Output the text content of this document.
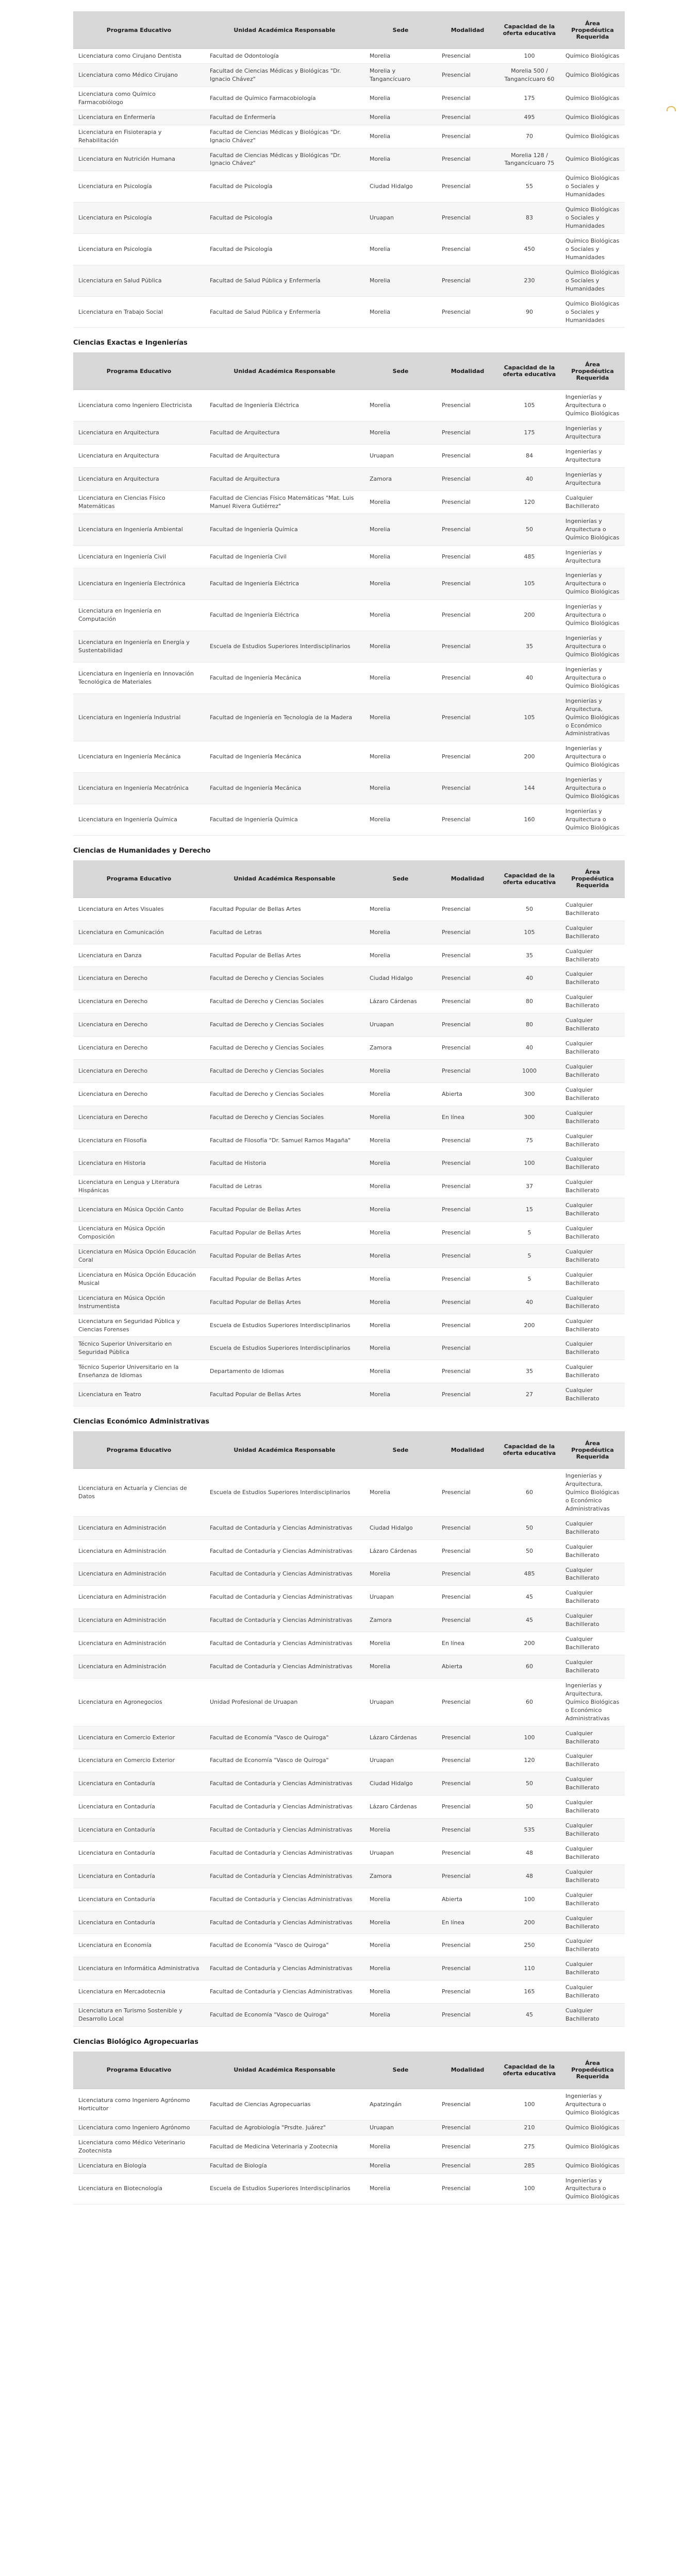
Programa Educativo	Unidad Académica Responsable	Sede	Modalidad	Capacidad de la oferta educativa	Área Propedéutica Requerida
Licenciatura como Cirujano Dentista	Facultad de Odontología	Morelia	Presencial	100	Químico Biológicas
Licenciatura como Médico Cirujano	Facultad de Ciencias Médicas y Biológicas "Dr. Ignacio Chávez"	Morelia y Tangancícuaro	Presencial	Morelia 500 / Tangancícuaro 60	Químico Biológicas
Licenciatura como Químico Farmacobiólogo	Facultad de Químico Farmacobiología	Morelia	Presencial	175	Químico Biológicas
Licenciatura en Enfermería	Facultad de Enfermería	Morelia	Presencial	495	Químico Biológicas
Licenciatura en Fisioterapia y Rehabilitación	Facultad de Ciencias Médicas y Biológicas "Dr. Ignacio Chávez"	Morelia	Presencial	70	Químico Biológicas
Licenciatura en Nutrición Humana	Facultad de Ciencias Médicas y Biológicas "Dr. Ignacio Chávez"	Morelia	Presencial	Morelia 128 / Tangancícuaro 75	Químico Biológicas
Licenciatura en Psicología	Facultad de Psicología	Ciudad Hidalgo	Presencial	55	Químico Biológicas o Sociales y Humanidades
Licenciatura en Psicología	Facultad de Psicología	Uruapan	Presencial	83	Químico Biológicas o Sociales y Humanidades
Licenciatura en Psicología	Facultad de Psicología	Morelia	Presencial	450	Químico Biológicas o Sociales y Humanidades
Licenciatura en Salud Pública	Facultad de Salud Pública y Enfermería	Morelia	Presencial	230	Químico Biológicas o Sociales y Humanidades
Licenciatura en Trabajo Social	Facultad de Salud Pública y Enfermería	Morelia	Presencial	90	Químico Biológicas o Sociales y Humanidades
Ciencias Exactas e Ingenierías
Programa Educativo	Unidad Académica Responsable	Sede	Modalidad	Capacidad de la oferta educativa	Área Propedéutica Requerida
Licenciatura como Ingeniero Electricista	Facultad de Ingeniería Eléctrica	Morelia	Presencial	105	Ingenierías y Arquitectura o Químico Biológicas
Licenciatura en Arquitectura	Facultad de Arquitectura	Morelia	Presencial	175	Ingenierías y Arquitectura
Licenciatura en Arquitectura	Facultad de Arquitectura	Uruapan	Presencial	84	Ingenierías y Arquitectura
Licenciatura en Arquitectura	Facultad de Arquitectura	Zamora	Presencial	40	Ingenierías y Arquitectura
Licenciatura en Ciencias Físico Matemáticas	Facultad de Ciencias Físico Matemáticas "Mat. Luis Manuel Rivera Gutiérrez"	Morelia	Presencial	120	Cualquier Bachillerato
Licenciatura en Ingeniería Ambiental	Facultad de Ingeniería Química	Morelia	Presencial	50	Ingenierías y Arquitectura o Químico Biológicas
Licenciatura en Ingeniería Civil	Facultad de Ingeniería Civil	Morelia	Presencial	485	Ingenierías y Arquitectura
Licenciatura en Ingeniería Electrónica	Facultad de Ingeniería Eléctrica	Morelia	Presencial	105	Ingenierías y Arquitectura o Químico Biológicas
Licenciatura en Ingeniería en Computación	Facultad de Ingeniería Eléctrica	Morelia	Presencial	200	Ingenierías y Arquitectura o Químico Biológicas
Licenciatura en Ingeniería en Energía y Sustentabilidad	Escuela de Estudios Superiores Interdisciplinarios	Morelia	Presencial	35	Ingenierías y Arquitectura o Químico Biológicas
Licenciatura en Ingeniería en Innovación Tecnológica de Materiales	Facultad de Ingeniería Mecánica	Morelia	Presencial	40	Ingenierías y Arquitectura o Químico Biológicas
Licenciatura en Ingeniería Industrial	Facultad de Ingeniería en Tecnología de la Madera	Morelia	Presencial	105	Ingenierías y Arquitectura, Químico Biológicas o Económico Administrativas
Licenciatura en Ingeniería Mecánica	Facultad de Ingeniería Mecánica	Morelia	Presencial	200	Ingenierías y Arquitectura o Químico Biológicas
Licenciatura en Ingeniería Mecatrónica	Facultad de Ingeniería Mecánica	Morelia	Presencial	144	Ingenierías y Arquitectura o Químico Biológicas
Licenciatura en Ingeniería Química	Facultad de Ingeniería Química	Morelia	Presencial	160	Ingenierías y Arquitectura o Químico Biológicas
Ciencias de Humanidades y Derecho
Programa Educativo	Unidad Académica Responsable	Sede	Modalidad	Capacidad de la oferta educativa	Área Propedéutica Requerida
Licenciatura en Artes Visuales	Facultad Popular de Bellas Artes	Morelia	Presencial	50	Cualquier Bachillerato
Licenciatura en Comunicación	Facultad de Letras	Morelia	Presencial	105	Cualquier Bachillerato
Licenciatura en Danza	Facultad Popular de Bellas Artes	Morelia	Presencial	35	Cualquier Bachillerato
Licenciatura en Derecho	Facultad de Derecho y Ciencias Sociales	Ciudad Hidalgo	Presencial	40	Cualquier Bachillerato
Licenciatura en Derecho	Facultad de Derecho y Ciencias Sociales	Lázaro Cárdenas	Presencial	80	Cualquier Bachillerato
Licenciatura en Derecho	Facultad de Derecho y Ciencias Sociales	Uruapan	Presencial	80	Cualquier Bachillerato
Licenciatura en Derecho	Facultad de Derecho y Ciencias Sociales	Zamora	Presencial	40	Cualquier Bachillerato
Licenciatura en Derecho	Facultad de Derecho y Ciencias Sociales	Morelia	Presencial	1000	Cualquier Bachillerato
Licenciatura en Derecho	Facultad de Derecho y Ciencias Sociales	Morelia	Abierta	300	Cualquier Bachillerato
Licenciatura en Derecho	Facultad de Derecho y Ciencias Sociales	Morelia	En línea	300	Cualquier Bachillerato
Licenciatura en Filosofía	Facultad de Filosofía "Dr. Samuel Ramos Magaña"	Morelia	Presencial	75	Cualquier Bachillerato
Licenciatura en Historia	Facultad de Historia	Morelia	Presencial	100	Cualquier Bachillerato
Licenciatura en Lengua y Literatura Hispánicas	Facultad de Letras	Morelia	Presencial	37	Cualquier Bachillerato
Licenciatura en Música Opción Canto	Facultad Popular de Bellas Artes	Morelia	Presencial	15	Cualquier Bachillerato
Licenciatura en Música Opción Composición	Facultad Popular de Bellas Artes	Morelia	Presencial	5	Cualquier Bachillerato
Licenciatura en Música Opción Educación Coral	Facultad Popular de Bellas Artes	Morelia	Presencial	5	Cualquier Bachillerato
Licenciatura en Música Opción Educación Musical	Facultad Popular de Bellas Artes	Morelia	Presencial	5	Cualquier Bachillerato
Licenciatura en Música Opción Instrumentista	Facultad Popular de Bellas Artes	Morelia	Presencial	40	Cualquier Bachillerato
Licenciatura en Seguridad Pública y Ciencias Forenses	Escuela de Estudios Superiores Interdisciplinarios	Morelia	Presencial	200	Cualquier Bachillerato
Técnico Superior Universitario en Seguridad Pública	Escuela de Estudios Superiores Interdisciplinarios	Morelia	Presencial		Cualquier Bachillerato
Técnico Superior Universitario en la Enseñanza de Idiomas	Departamento de Idiomas	Morelia	Presencial	35	Cualquier Bachillerato
Licenciatura en Teatro	Facultad Popular de Bellas Artes	Morelia	Presencial	27	Cualquier Bachillerato
Ciencias Económico Administrativas
Programa Educativo	Unidad Académica Responsable	Sede	Modalidad	Capacidad de la oferta educativa	Área Propedéutica Requerida
Licenciatura en Actuaría y Ciencias de Datos	Escuela de Estudios Superiores Interdisciplinarios	Morelia	Presencial	60	Ingenierías y Arquitectura, Químico Biológicas o Económico Administrativas
Licenciatura en Administración	Facultad de Contaduría y Ciencias Administrativas	Ciudad Hidalgo	Presencial	50	Cualquier Bachillerato
Licenciatura en Administración	Facultad de Contaduría y Ciencias Administrativas	Lázaro Cárdenas	Presencial	50	Cualquier Bachillerato
Licenciatura en Administración	Facultad de Contaduría y Ciencias Administrativas	Morelia	Presencial	485	Cualquier Bachillerato
Licenciatura en Administración	Facultad de Contaduría y Ciencias Administrativas	Uruapan	Presencial	45	Cualquier Bachillerato
Licenciatura en Administración	Facultad de Contaduría y Ciencias Administrativas	Zamora	Presencial	45	Cualquier Bachillerato
Licenciatura en Administración	Facultad de Contaduría y Ciencias Administrativas	Morelia	En línea	200	Cualquier Bachillerato
Licenciatura en Administración	Facultad de Contaduría y Ciencias Administrativas	Morelia	Abierta	60	Cualquier Bachillerato
Licenciatura en Agronegocios	Unidad Profesional de Uruapan	Uruapan	Presencial	60	Ingenierías y Arquitectura, Químico Biológicas o Económico Administrativas
Licenciatura en Comercio Exterior	Facultad de Economía "Vasco de Quiroga"	Lázaro Cárdenas	Presencial	100	Cualquier Bachillerato
Licenciatura en Comercio Exterior	Facultad de Economía "Vasco de Quiroga"	Uruapan	Presencial	120	Cualquier Bachillerato
Licenciatura en Contaduría	Facultad de Contaduría y Ciencias Administrativas	Ciudad Hidalgo	Presencial	50	Cualquier Bachillerato
Licenciatura en Contaduría	Facultad de Contaduría y Ciencias Administrativas	Lázaro Cárdenas	Presencial	50	Cualquier Bachillerato
Licenciatura en Contaduría	Facultad de Contaduría y Ciencias Administrativas	Morelia	Presencial	535	Cualquier Bachillerato
Licenciatura en Contaduría	Facultad de Contaduría y Ciencias Administrativas	Uruapan	Presencial	48	Cualquier Bachillerato
Licenciatura en Contaduría	Facultad de Contaduría y Ciencias Administrativas	Zamora	Presencial	48	Cualquier Bachillerato
Licenciatura en Contaduría	Facultad de Contaduría y Ciencias Administrativas	Morelia	Abierta	100	Cualquier Bachillerato
Licenciatura en Contaduría	Facultad de Contaduría y Ciencias Administrativas	Morelia	En línea	200	Cualquier Bachillerato
Licenciatura en Economía	Facultad de Economía "Vasco de Quiroga"	Morelia	Presencial	250	Cualquier Bachillerato
Licenciatura en Informática Administrativa	Facultad de Contaduría y Ciencias Administrativas	Morelia	Presencial	110	Cualquier Bachillerato
Licenciatura en Mercadotecnia	Facultad de Contaduría y Ciencias Administrativas	Morelia	Presencial	165	Cualquier Bachillerato
Licenciatura en Turismo Sostenible y Desarrollo Local	Facultad de Economía "Vasco de Quiroga"	Morelia	Presencial	45	Cualquier Bachillerato
Ciencias Biológico Agropecuarias
Programa Educativo	Unidad Académica Responsable	Sede	Modalidad	Capacidad de la oferta educativa	Área Propedéutica Requerida
Licenciatura como Ingeniero Agrónomo Horticultor	Facultad de Ciencias Agropecuarias	Apatzingán	Presencial	100	Ingenierías y Arquitectura o Químico Biológicas
Licenciatura como Ingeniero Agrónomo	Facultad de Agrobiología "Prsdte. Juárez"	Uruapan	Presencial	210	Químico Biológicas
Licenciatura como Médico Veterinario Zootecnista	Facultad de Medicina Veterinaria y Zootecnia	Morelia	Presencial	275	Químico Biológicas
Licenciatura en Biología	Facultad de Biología	Morelia	Presencial	285	Químico Biológicas
Licenciatura en Biotecnología	Escuela de Estudios Superiores Interdisciplinarios	Morelia	Presencial	100	Ingenierías y Arquitectura o Químico Biológicas
